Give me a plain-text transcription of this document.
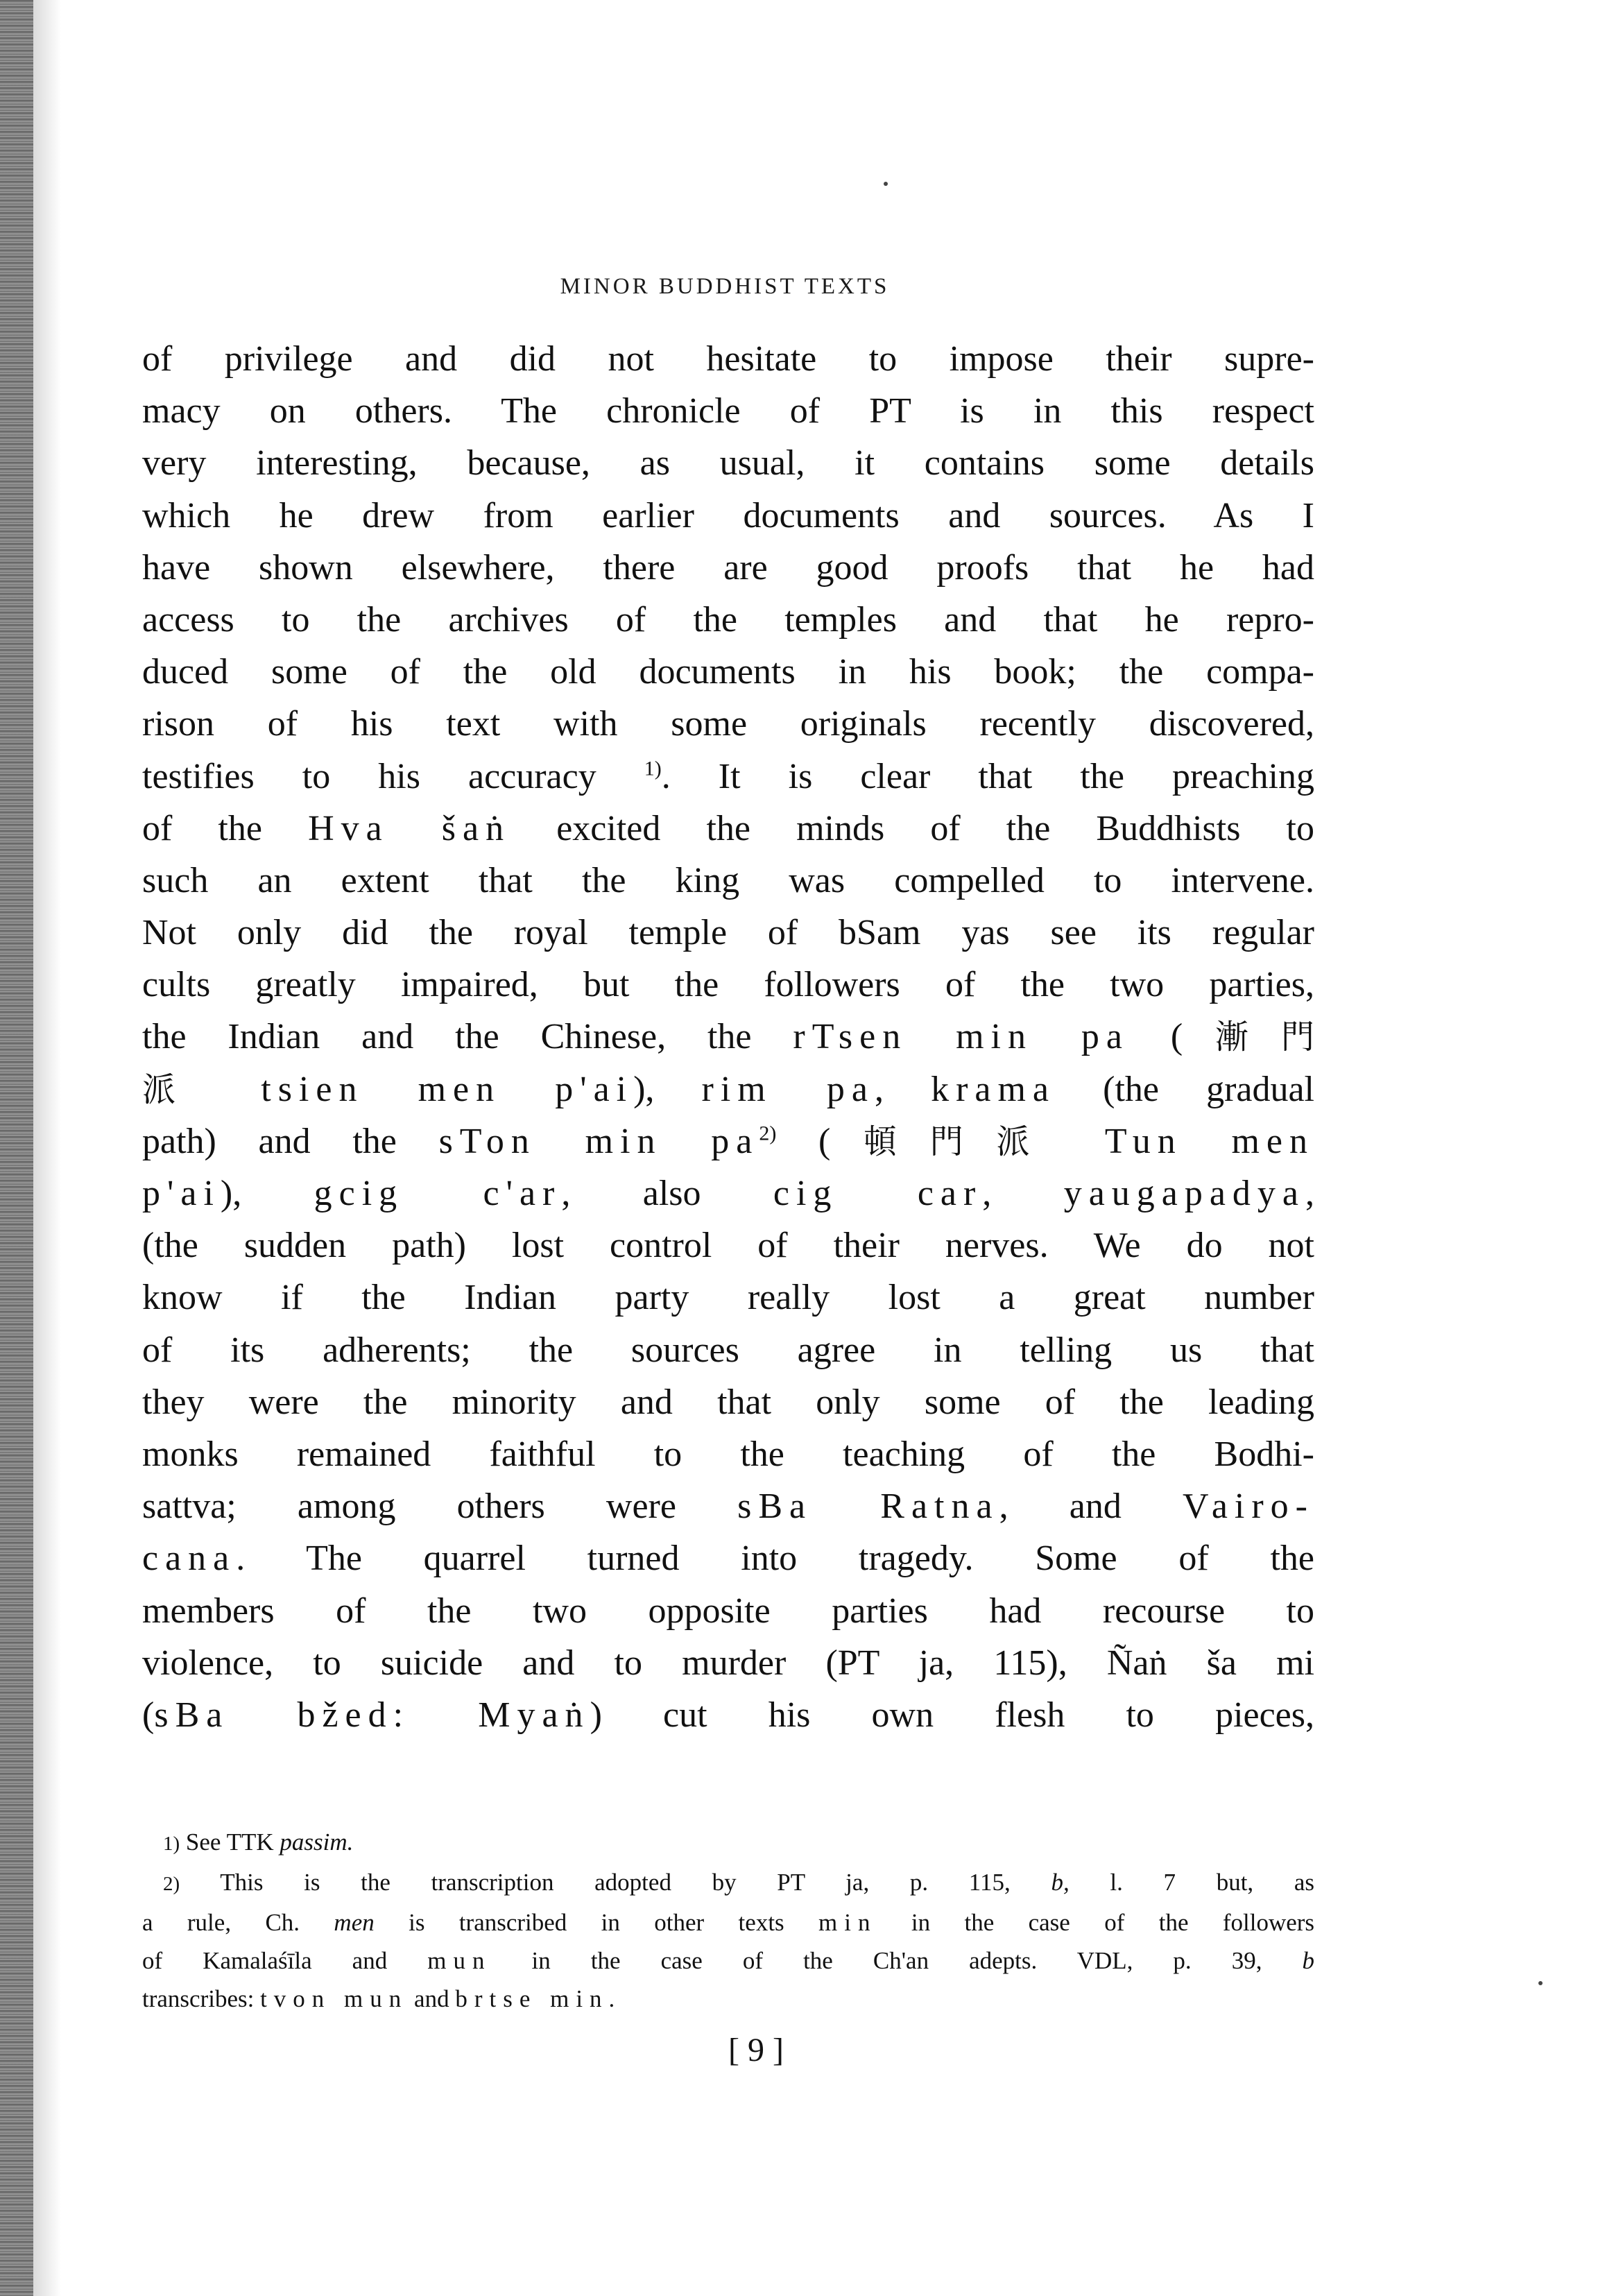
MINOR BUDDHIST TEXTS
of privilege and did not hesitate to impose their supre-
macy on others. The chronicle of PT is in this respect
very interesting, because, as usual, it contains some details
which he drew from earlier documents and sources. As I
have shown elsewhere, there are good proofs that he had
access to the archives of the temples and that he repro-
duced some of the old documents in his book; the compa-
rison of his text with some originals recently discovered,
testifies to his accuracy $^{1)}$. It is clear that the preaching
of the Hva šaṅ excited the minds of the Buddhists to
such an extent that the king was compelled to intervene.
Not only did the royal temple of bSam yas see its regular
cults greatly impaired, but the followers of the two parties,
the Indian and the Chinese, the rTsen min pa (漸門
派 tsien men p'ai), rim pa, krama (the gradual
path) and the sTon $\min pa^{2)}$ (頓門派 Tun men
p'ai), gcig c'ar, also cig car, yaugapadya,
(the sudden path) lost control of their nerves. We do not
know if the Indian party really lost a great number
of its adherents; the sources agree in telling us that
they were the minority and that only some of the leading
monks remained faithful to the teaching of the Bodhi-
sattva; among others were sBa Ratna, and Vairo-
cana. The quarrel turned into tragedy. Some of the
members of the two opposite parties had recourse to
violence, to suicide and to murder (PT ja, 115), Ñaṅ ša mi
(sBa bžed: Myaṅ) cut his own flesh to pieces,
1) See TTK passim.
2) This is the transcription adopted by PT ja, p. 115, b, l. 7 but, as
a rule, Ch. men is transcribed in other texts min in the case of the followers
of Kamalaśīla and mun in the case of the Ch'an adepts. VDL, p. 39, b
transcribes: tvon mun and brtse min.
[ 9 ]
